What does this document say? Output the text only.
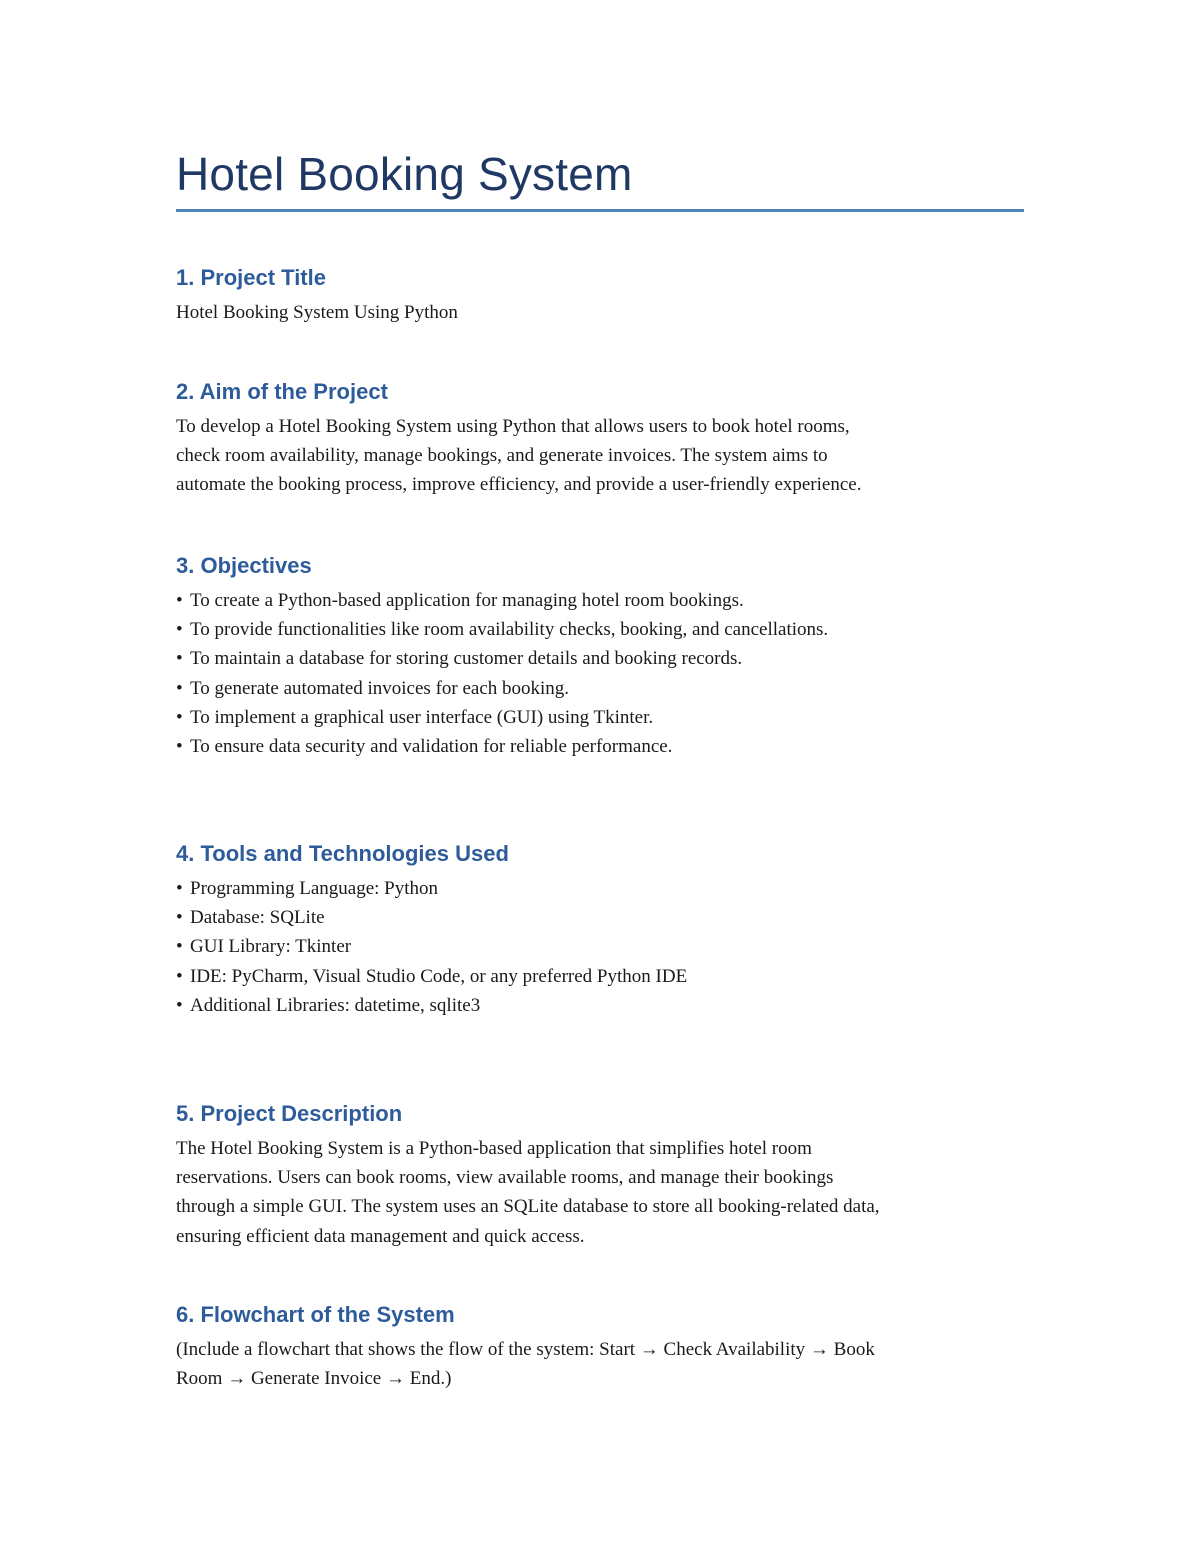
Hotel Booking System
1. Project Title

Hotel Booking System Using Python

2. Aim of the Project
To develop a Hotel Booking System using Python that allows users to book hotel rooms,
check room availability, manage bookings, and generate invoices. The system aims to
automate the booking process, improve efficiency, and provide a user-friendly experience.
3. Objectives
• To create a Python-based application for managing hotel room bookings.
• To provide functionalities like room availability checks, booking, and cancellations.
• To maintain a database for storing customer details and booking records.
• To generate automated invoices for each booking.
• To implement a graphical user interface (GUI) using Tkinter.
• To ensure data security and validation for reliable performance.
4. Tools and Technologies Used
• Programming Language: Python
• Database: SQLite
• GUI Library: Tkinter
• IDE: PyCharm, Visual Studio Code, or any preferred Python IDE
• Additional Libraries: datetime, sqlite3
5. Project Description
The Hotel Booking System is a Python-based application that simplifies hotel room
reservations. Users can book rooms, view available rooms, and manage their bookings
through a simple GUI. The system uses an SQLite database to store all booking-related data,
ensuring efficient data management and quick access.
6. Flowchart of the System
(Include a flowchart that shows the flow of the system: Start → Check Availability → Book
Room → Generate Invoice → End.)
